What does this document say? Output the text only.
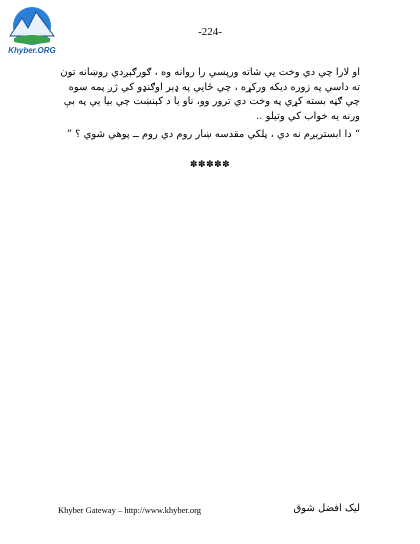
Khyber.ORG
-224-
او لارا چي دي وخت يي شاته ورپسي را روانه وه ، ګورګېږدي روښانه تون ته داسي په زوره ديکه ورکړه ، چي ځايي په ډېر اوګنډو کي ژږ پمه سوه چي ګڼه بسته کړي په وخت دي ترور وو، ناو يا د کېنښت چي بيا يي په بې ورنه يه خواب کي وتيلو ..
“ دا ابسترېږم نه دي ، پلکي مقدسه ښار روم دي روم ــ پوهي شوي ؟ ”
✽✽✽✽✽
Khyber Gateway – http://www.khyber.org	ليک افضل شوق
